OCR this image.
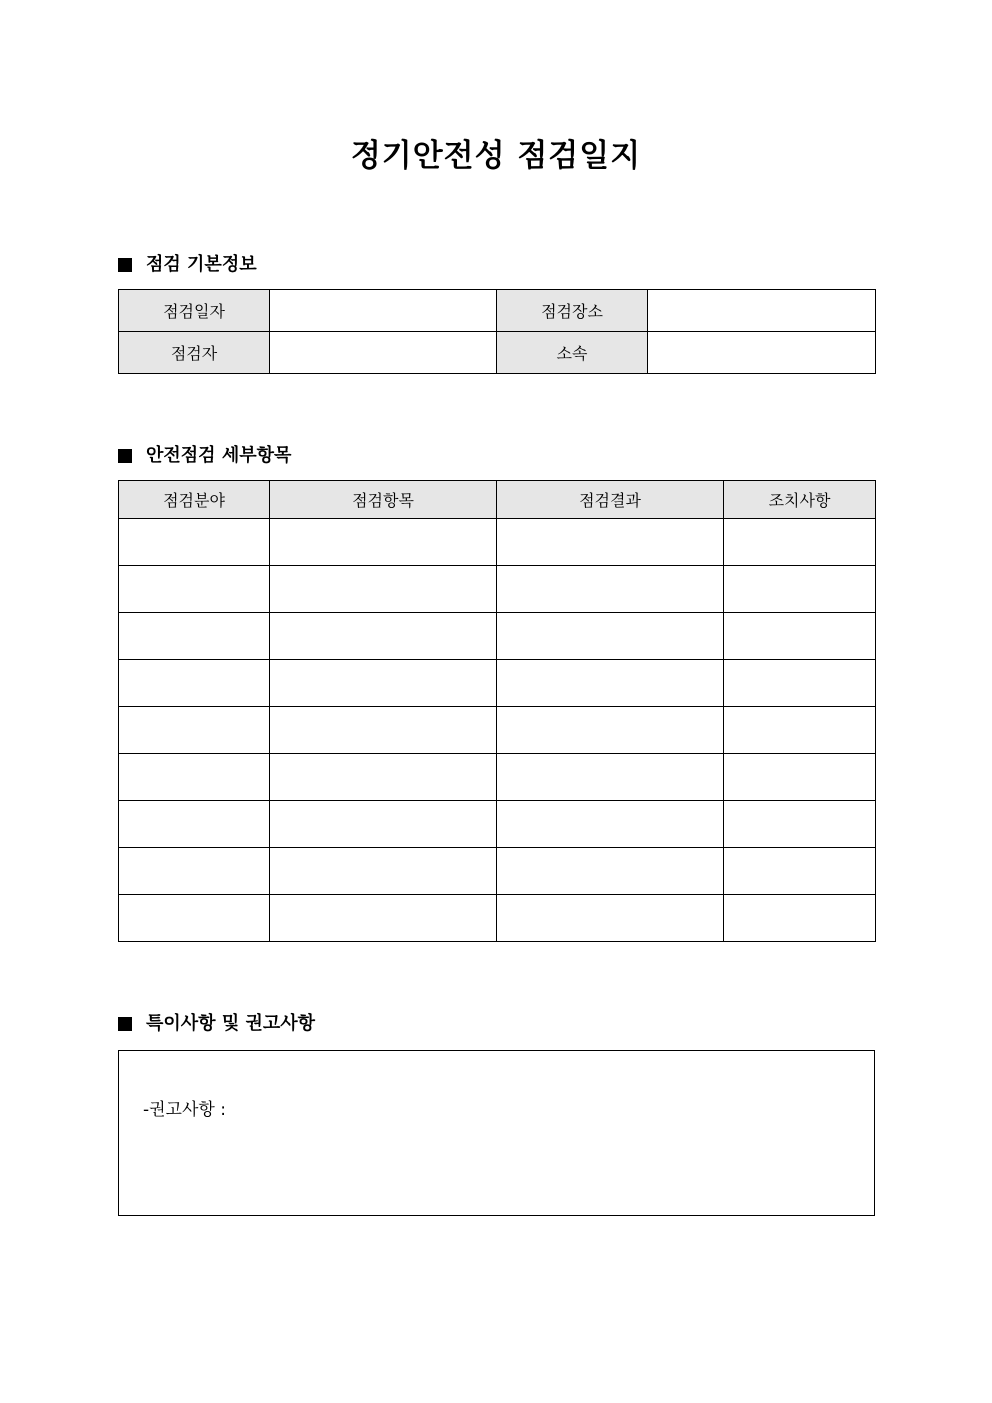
정기안전성 점검일지
점검 기본정보
점검일자		점검장소	
점검자		소속	
안전점검 세부항목
점검분야	점검항목	점검결과	조치사항

특이사항 및 권고사항
-권고사항 :
